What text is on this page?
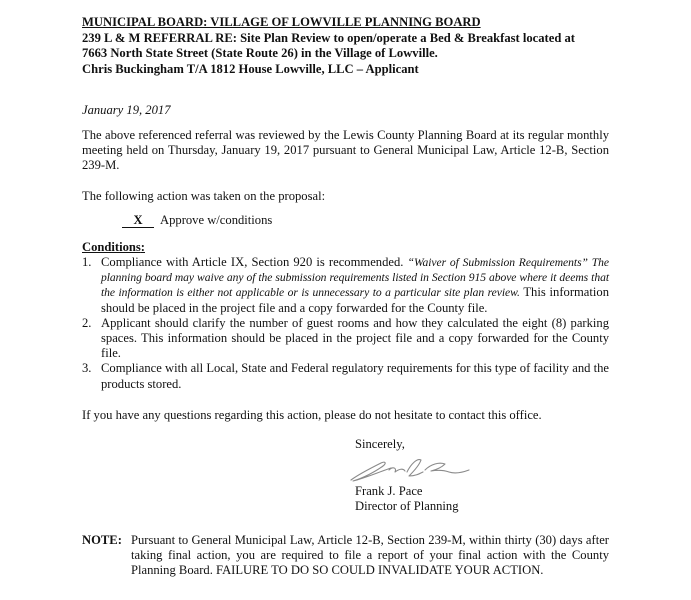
MUNICIPAL BOARD: VILLAGE OF LOWVILLE PLANNING BOARD
239 L & M REFERRAL RE: Site Plan Review to open/operate a Bed & Breakfast located at
7663 North State Street (State Route 26) in the Village of Lowville.
Chris Buckingham T/A 1812 House Lowville, LLC – Applicant
January 19, 2017
The above referenced referral was reviewed by the Lewis County Planning Board at its regular monthly meeting held on Thursday, January 19, 2017 pursuant to General Municipal Law, Article 12-B, Section 239-M.
The following action was taken on the proposal:
X Approve w/conditions
Conditions:
1. Compliance with Article IX, Section 920 is recommended. “Waiver of Submission Requirements” The planning board may waive any of the submission requirements listed in Section 915 above where it deems that the information is either not applicable or is unnecessary to a particular site plan review. This information should be placed in the project file and a copy forwarded for the County file.
2. Applicant should clarify the number of guest rooms and how they calculated the eight (8) parking spaces. This information should be placed in the project file and a copy forwarded for the County file.
3. Compliance with all Local, State and Federal regulatory requirements for this type of facility and the products stored.
If you have any questions regarding this action, please do not hesitate to contact this office.
Sincerely,
Frank J. Pace
Director of Planning
NOTE: Pursuant to General Municipal Law, Article 12-B, Section 239-M, within thirty (30) days after taking final action, you are required to file a report of your final action with the County Planning Board. FAILURE TO DO SO COULD INVALIDATE YOUR ACTION.
